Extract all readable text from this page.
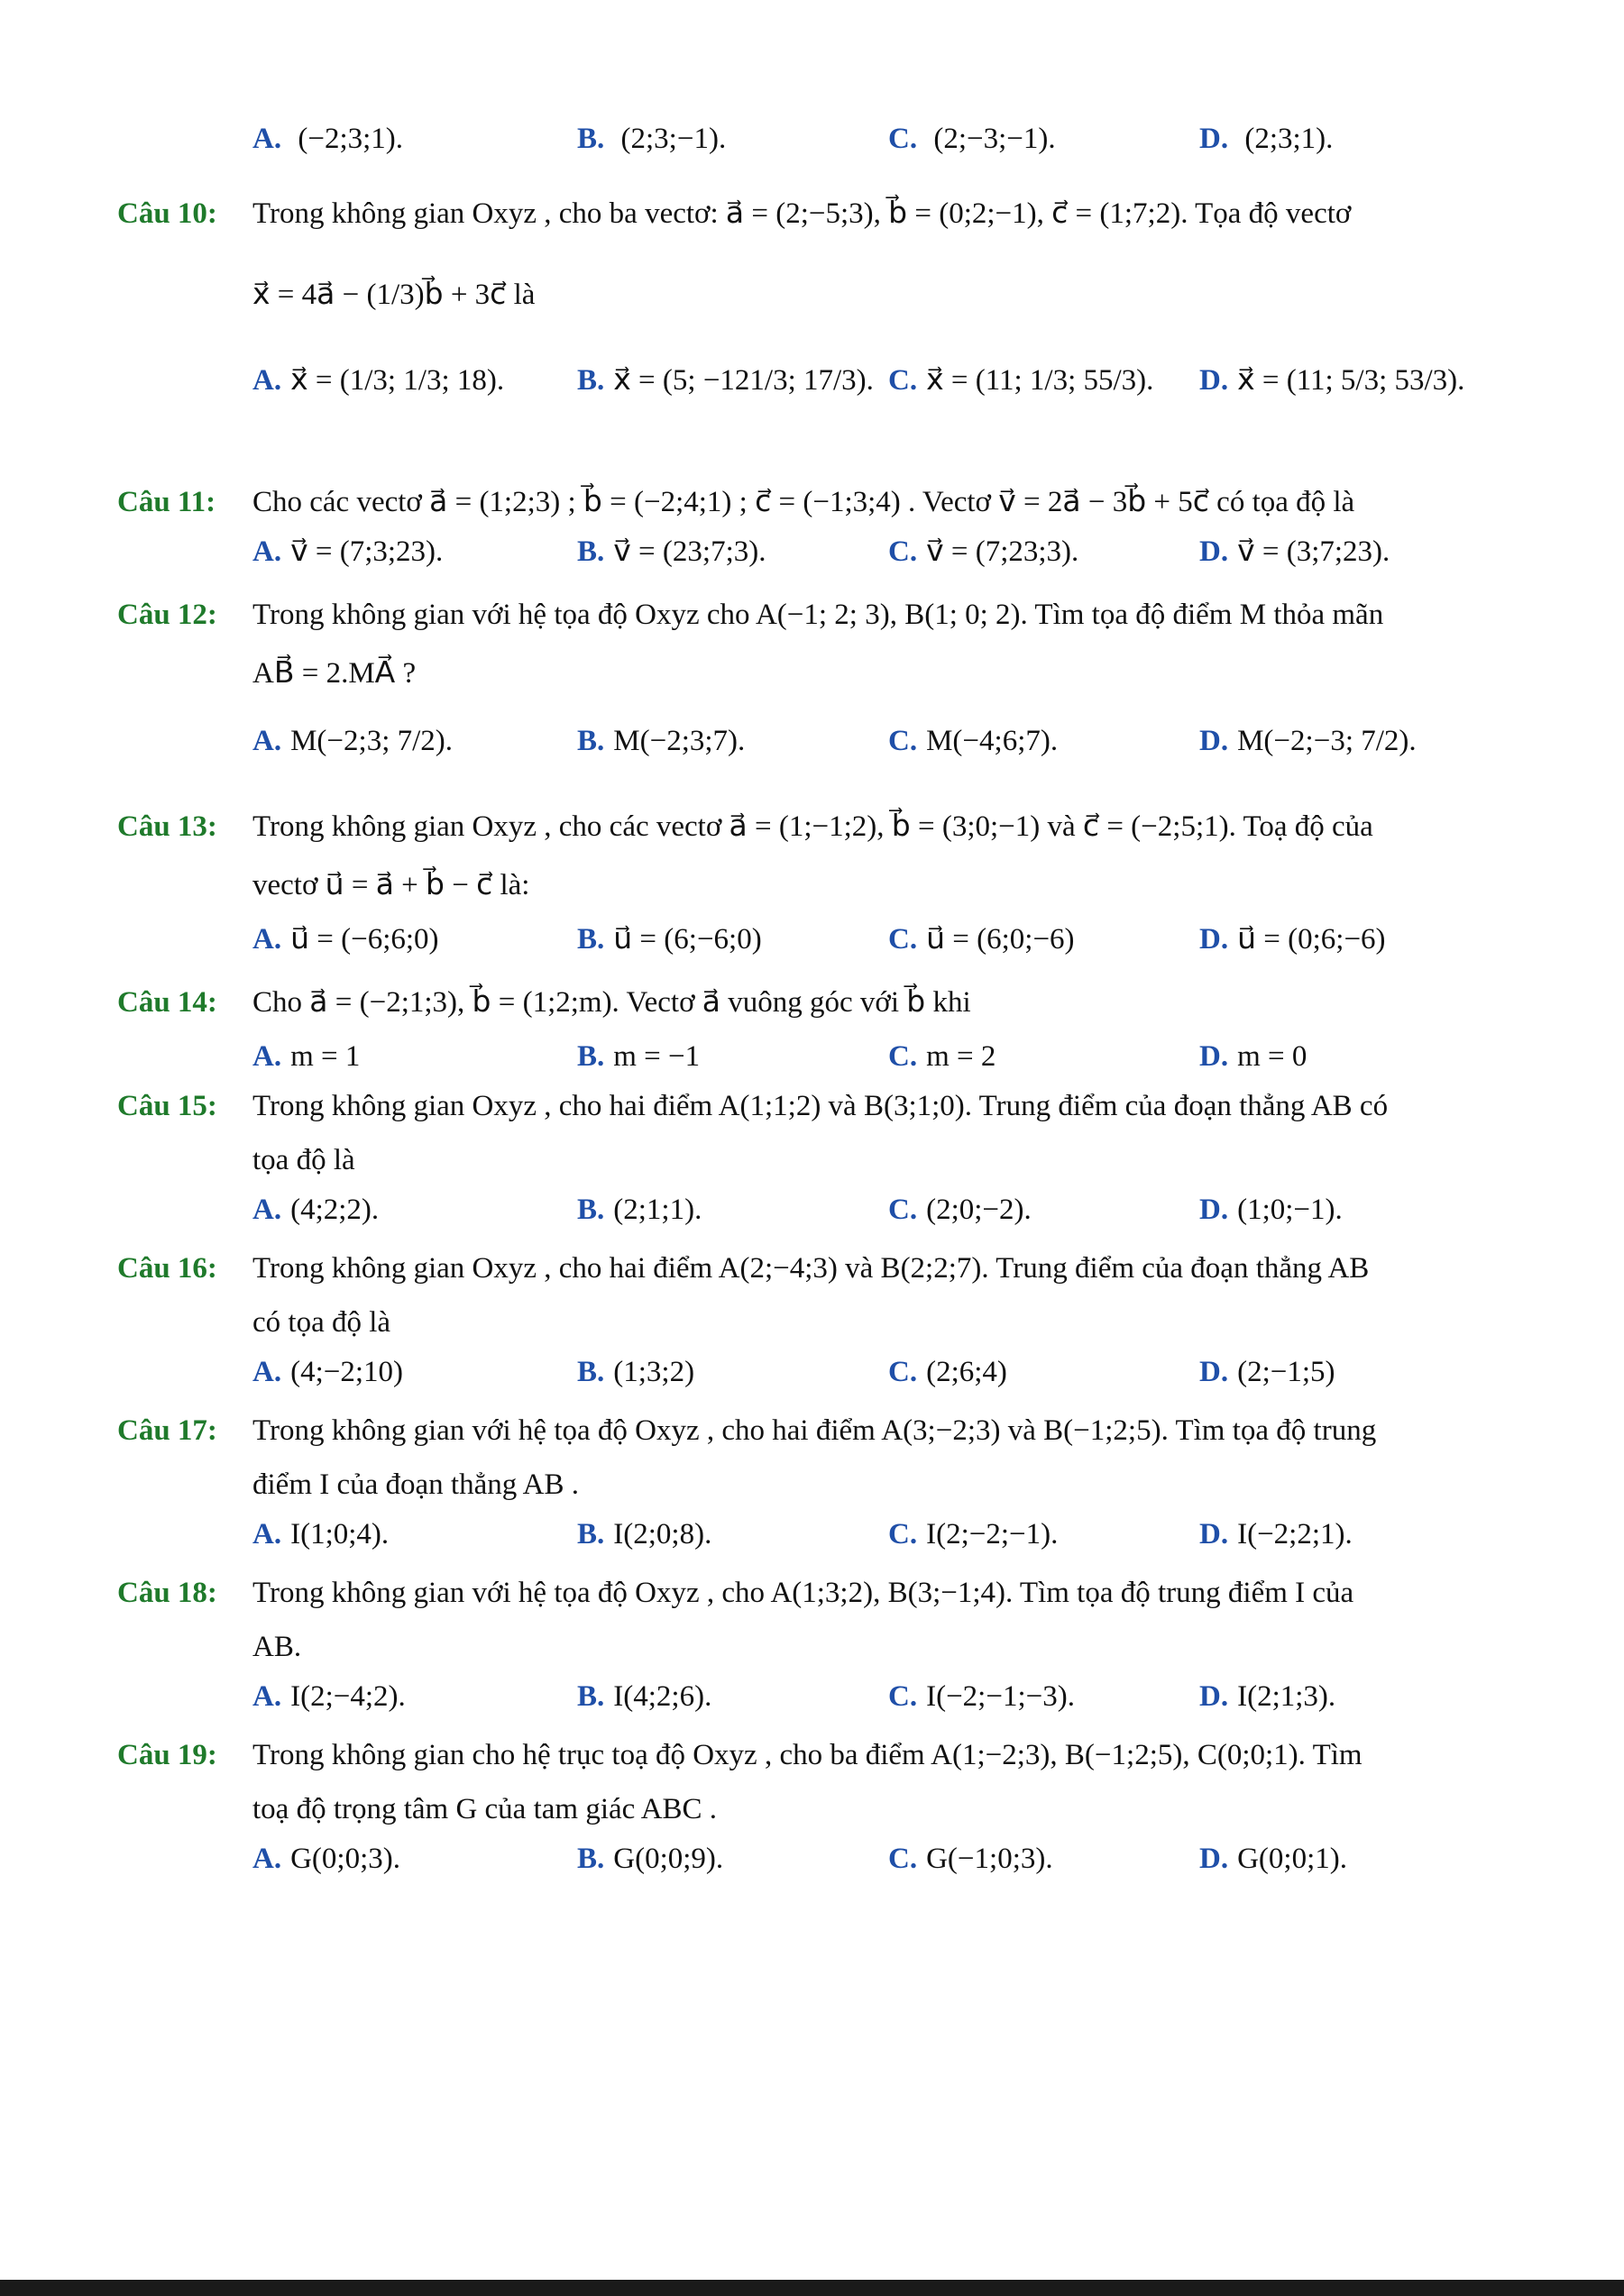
A. (−2;3;1).	B. (2;3;−1).	C. (2;−3;−1).	D. (2;3;1).
Câu 10: Trong không gian Oxyz , cho ba vectơ: a⃗ = (2;−5;3), b⃗ = (0;2;−1), c⃗ = (1;7;2). Tọa độ vectơ
x⃗ = 4a⃗ − (1/3)b⃗ + 3c⃗ là
A. x⃗ = (1/3; 1/3; 18). B. x⃗ = (5; −121/3; 17/3). C. x⃗ = (11; 1/3; 55/3). D. x⃗ = (11; 5/3; 53/3).
Câu 11: Cho các vectơ a⃗ = (1;2;3) ; b⃗ = (−2;4;1) ; c⃗ = (−1;3;4) . Vectơ v⃗ = 2a⃗ − 3b⃗ + 5c⃗ có tọa độ là
A. v⃗ = (7;3;23).	B. v⃗ = (23;7;3).	C. v⃗ = (7;23;3).	D. v⃗ = (3;7;23).
Câu 12: Trong không gian với hệ tọa độ Oxyz cho A(−1; 2; 3), B(1; 0; 2). Tìm tọa độ điểm M thỏa mãn
AB⃗ = 2.MA⃗ ?
A. M(−2;3; 7/2).	B. M(−2;3;7).	C. M(−4;6;7).	D. M(−2;−3; 7/2).
Câu 13: Trong không gian Oxyz , cho các vectơ a⃗ = (1;−1;2), b⃗ = (3;0;−1) và c⃗ = (−2;5;1). Toạ độ của
vectơ u⃗ = a⃗ + b⃗ − c⃗ là:
A. u⃗ = (−6;6;0)	B. u⃗ = (6;−6;0)	C. u⃗ = (6;0;−6)	D. u⃗ = (0;6;−6)
Câu 14: Cho a⃗ = (−2;1;3), b⃗ = (1;2;m). Vectơ a⃗ vuông góc với b⃗ khi
A. m = 1	B. m = −1	C. m = 2	D. m = 0
Câu 15: Trong không gian Oxyz , cho hai điểm A(1;1;2) và B(3;1;0). Trung điểm của đoạn thẳng AB có
tọa độ là
A. (4;2;2).	B. (2;1;1).	C. (2;0;−2).	D. (1;0;−1).
Câu 16: Trong không gian Oxyz , cho hai điểm A(2;−4;3) và B(2;2;7). Trung điểm của đoạn thẳng AB
có tọa độ là
A. (4;−2;10)	B. (1;3;2)	C. (2;6;4)	D. (2;−1;5)
Câu 17: Trong không gian với hệ tọa độ Oxyz , cho hai điểm A(3;−2;3) và B(−1;2;5). Tìm tọa độ trung
điểm I của đoạn thẳng AB .
A. I(1;0;4).	B. I(2;0;8).	C. I(2;−2;−1).	D. I(−2;2;1).
Câu 18: Trong không gian với hệ tọa độ Oxyz , cho A(1;3;2), B(3;−1;4). Tìm tọa độ trung điểm I của
AB.
A. I(2;−4;2).	B. I(4;2;6).	C. I(−2;−1;−3).	D. I(2;1;3).
Câu 19: Trong không gian cho hệ trục toạ độ Oxyz , cho ba điểm A(1;−2;3), B(−1;2;5), C(0;0;1). Tìm
toạ độ trọng tâm G của tam giác ABC .
A. G(0;0;3).	B. G(0;0;9).	C. G(−1;0;3).	D. G(0;0;1).
